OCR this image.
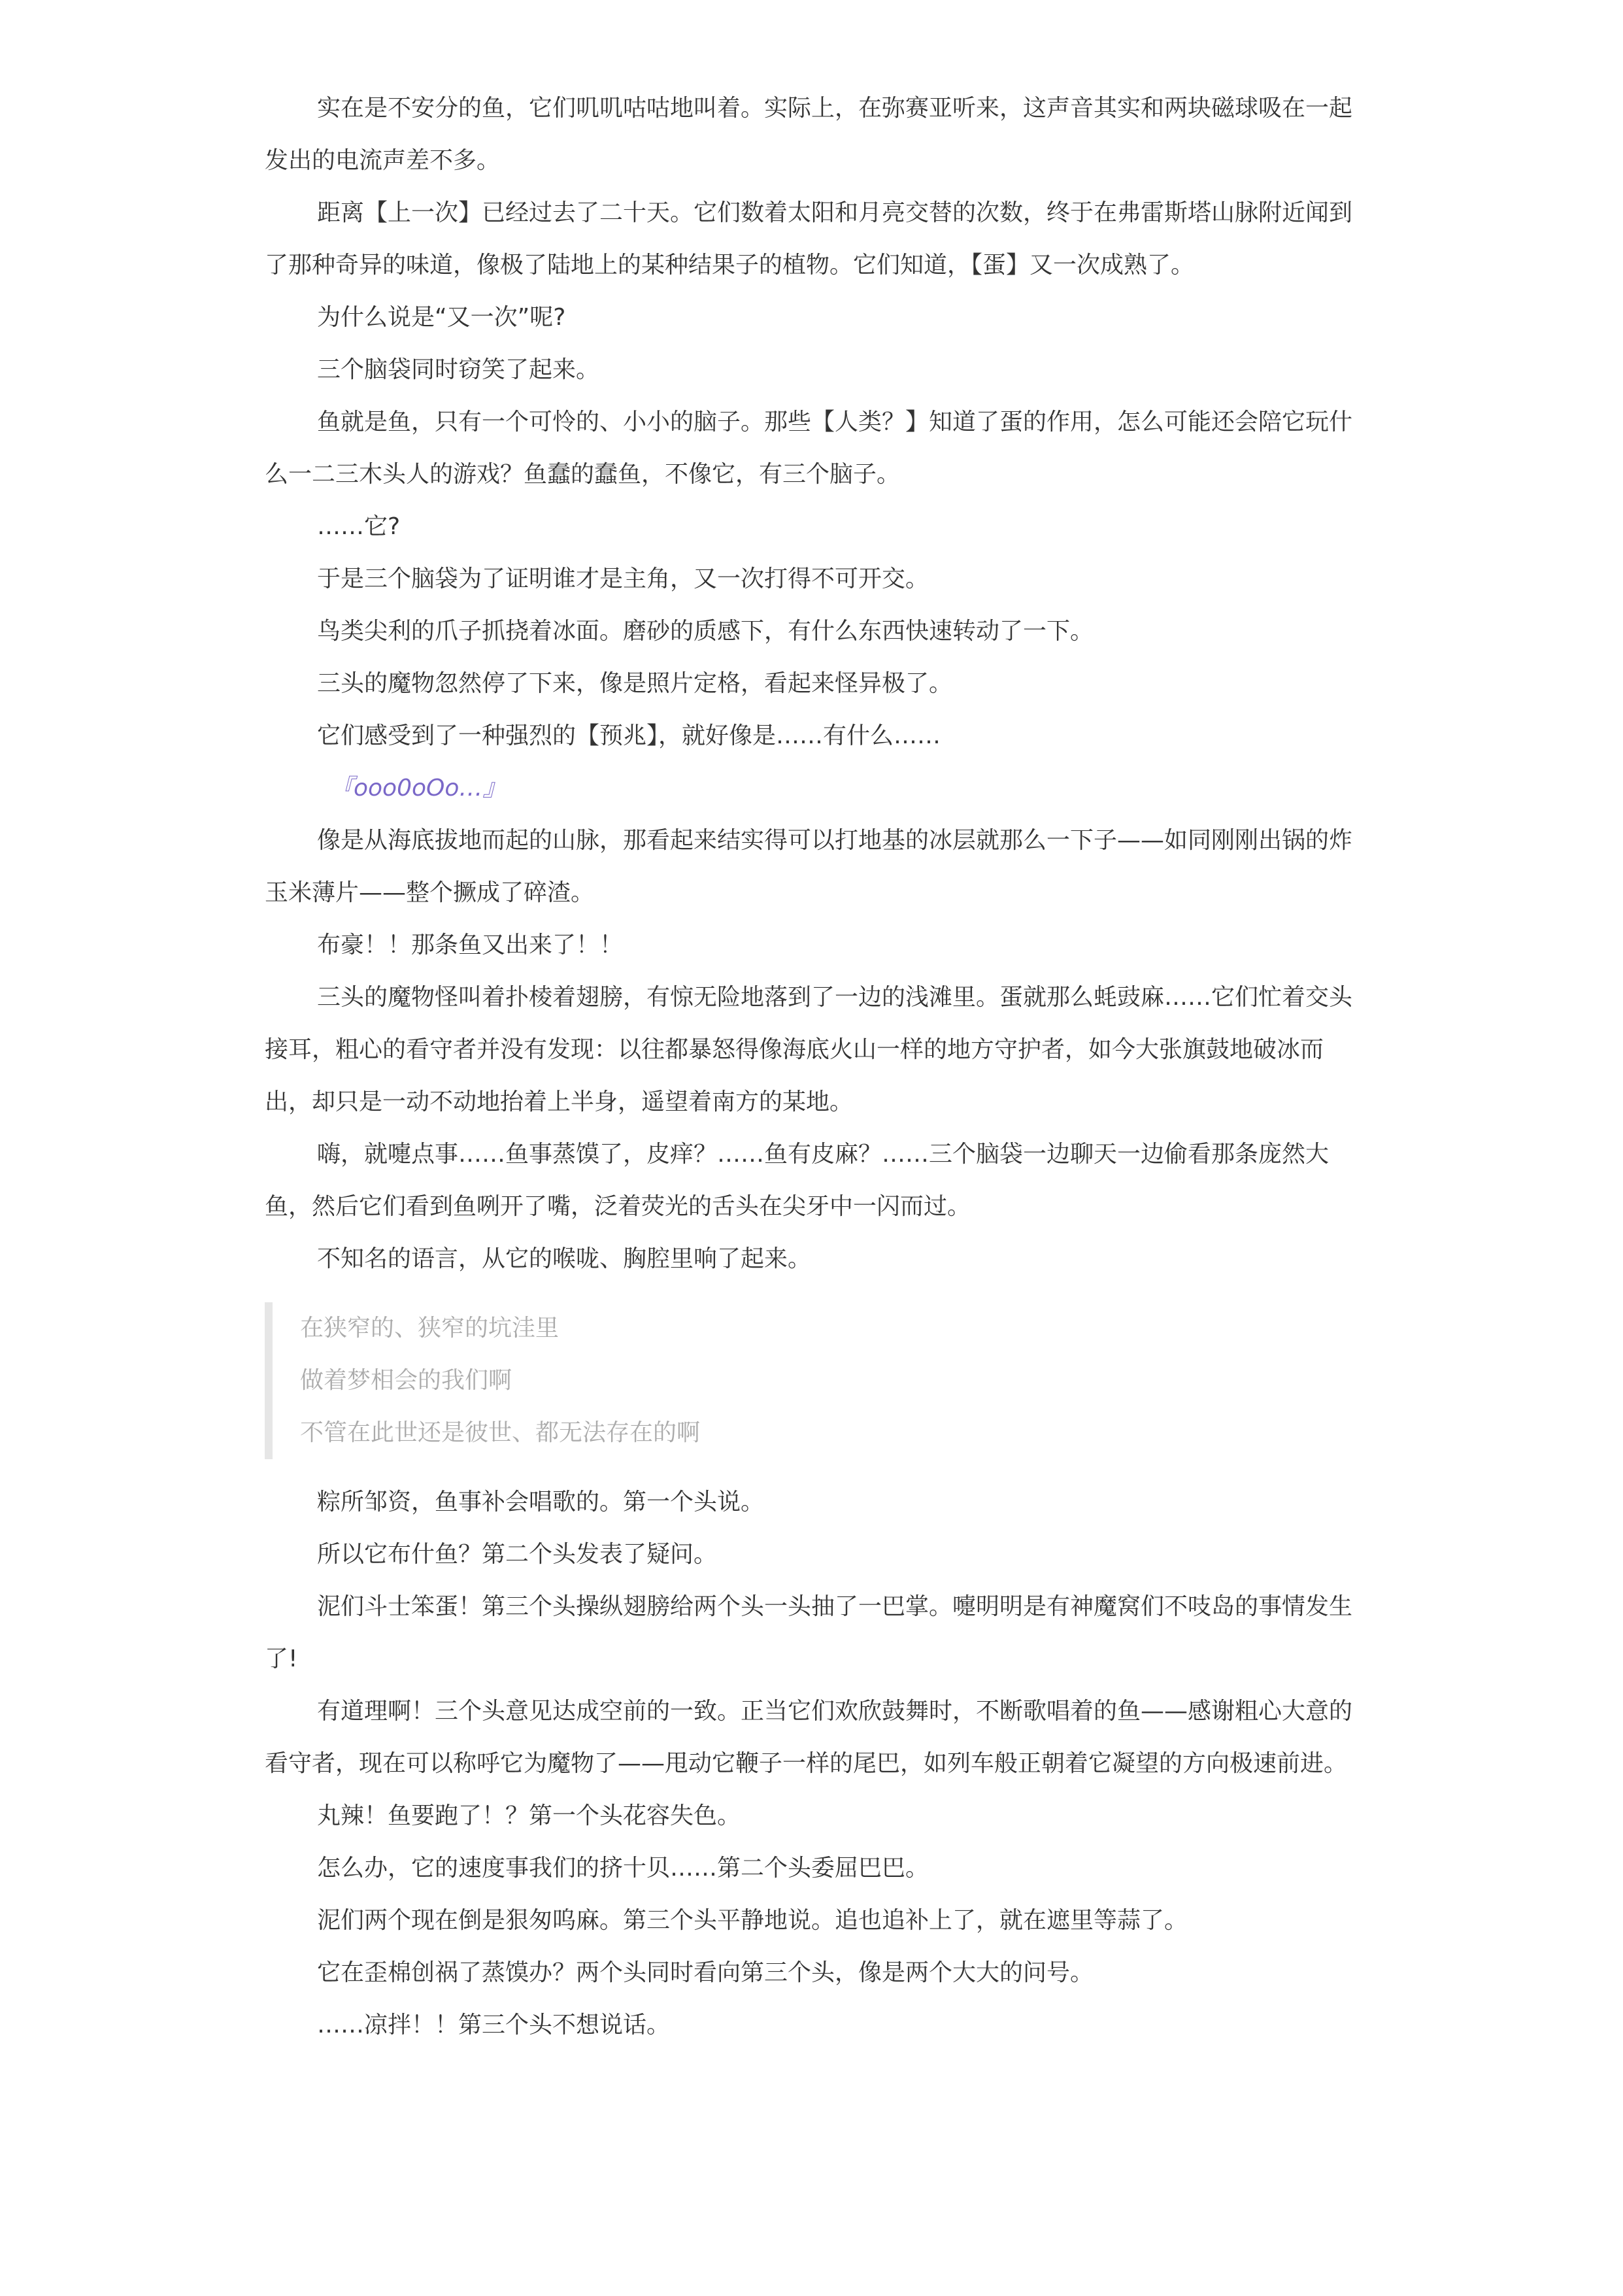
实在是不安分的鱼，它们叽叽咕咕地叫着。实际上，在弥赛亚听来，这声音其实和两块磁球吸在一起发出的电流声差不多。

距离【上一次】已经过去了二十天。它们数着太阳和月亮交替的次数，终于在弗雷斯塔山脉附近闻到了那种奇异的味道，像极了陆地上的某种结果子的植物。它们知道，【蛋】又一次成熟了。

为什么说是“又一次”呢?

三个脑袋同时窃笑了起来。

鱼就是鱼，只有一个可怜的、小小的脑子。那些【人类？】知道了蛋的作用，怎么可能还会陪它玩什么一二三木头人的游戏？鱼蠢的蠢鱼，不像它，有三个脑子。

……它?

于是三个脑袋为了证明谁才是主角，又一次打得不可开交。

鸟类尖利的爪子抓挠着冰面。磨砂的质感下，有什么东西快速转动了一下。

三头的魔物忽然停了下来，像是照片定格，看起来怪异极了。

它们感受到了一种强烈的【预兆】，就好像是……有什么……

『ooo0oOo…』

像是从海底拔地而起的山脉，那看起来结实得可以打地基的冰层就那么一下子——如同刚刚出锅的炸玉米薄片——整个撅成了碎渣。

布豪！！那条鱼又出来了！！

三头的魔物怪叫着扑棱着翅膀，有惊无险地落到了一边的浅滩里。蛋就那么蚝豉麻……它们忙着交头接耳，粗心的看守者并没有发现：以往都暴怒得像海底火山一样的地方守护者，如今大张旗鼓地破冰而出，却只是一动不动地抬着上半身，遥望着南方的某地。

嗨，就嚏点事……鱼事蒸馍了，皮痒？……鱼有皮麻？……三个脑袋一边聊天一边偷看那条庞然大鱼，然后它们看到鱼咧开了嘴，泛着荧光的舌头在尖牙中一闪而过。

不知名的语言，从它的喉咙、胸腔里响了起来。

在狭窄的、狭窄的坑洼里

做着梦相会的我们啊

不管在此世还是彼世、都无法存在的啊

粽所邹资，鱼事补会唱歌的。第一个头说。

所以它布什鱼？第二个头发表了疑问。

泥们斗士笨蛋！第三个头操纵翅膀给两个头一头抽了一巴掌。嚏明明是有神魔窝们不吱岛的事情发生了!

有道理啊！三个头意见达成空前的一致。正当它们欢欣鼓舞时，不断歌唱着的鱼——感谢粗心大意的看守者，现在可以称呼它为魔物了——甩动它鞭子一样的尾巴，如列车般正朝着它凝望的方向极速前进。

丸辣！鱼要跑了！？第一个头花容失色。

怎么办，它的速度事我们的挤十贝……第二个头委屈巴巴。

泥们两个现在倒是狠匆呜麻。第三个头平静地说。追也追补上了，就在遮里等蒜了。

它在歪棉创祸了蒸馍办？两个头同时看向第三个头，像是两个大大的问号。

……凉拌！！第三个头不想说话。
